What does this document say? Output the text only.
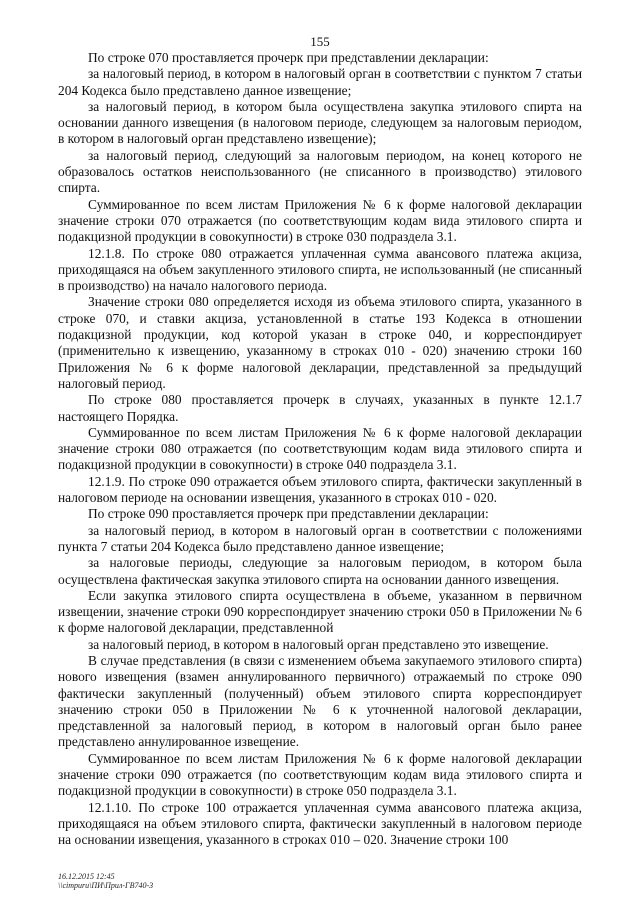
155

По строке 070 проставляется прочерк при представлении декларации:

за налоговый период, в котором в налоговый орган в соответствии с пунктом 7 статьи 204 Кодекса было представлено данное извещение;

за налоговый период, в котором была осуществлена закупка этилового спирта на основании данного извещения (в налоговом периоде, следующем за налоговым периодом, в котором в налоговый орган представлено извещение);

за налоговый период, следующий за налоговым периодом, на конец которого не образовалось остатков неиспользованного (не списанного в производство) этилового спирта.

Суммированное по всем листам Приложения № 6 к форме налоговой декларации значение строки 070 отражается (по соответствующим кодам вида этилового спирта и подакцизной продукции в совокупности) в строке 030 подраздела 3.1.

12.1.8. По строке 080 отражается уплаченная сумма авансового платежа акциза, приходящаяся на объем закупленного этилового спирта, не использованный (не списанный в производство) на начало налогового периода.

Значение строки 080 определяется исходя из объема этилового спирта, указанного в строке 070, и ставки акциза, установленной в статье 193 Кодекса в отношении подакцизной продукции, код которой указан в строке 040, и корреспондирует (применительно к извещению, указанному в строках 010 - 020) значению строки 160 Приложения № 6 к форме налоговой декларации, представленной за предыдущий налоговый период.

По строке 080 проставляется прочерк в случаях, указанных в пункте 12.1.7 настоящего Порядка.

Суммированное по всем листам Приложения № 6 к форме налоговой декларации значение строки 080 отражается (по соответствующим кодам вида этилового спирта и подакцизной продукции в совокупности) в строке 040 подраздела 3.1.

12.1.9. По строке 090 отражается объем этилового спирта, фактически закупленный в налоговом периоде на основании извещения, указанного в строках 010 - 020.

По строке 090 проставляется прочерк при представлении декларации:

за налоговый период, в котором в налоговый орган в соответствии с положениями пункта 7 статьи 204 Кодекса было представлено данное извещение;

за налоговые периоды, следующие за налоговым периодом, в котором была осуществлена фактическая закупка этилового спирта на основании данного извещения.

Если закупка этилового спирта осуществлена в объеме, указанном в первичном извещении, значение строки 090 корреспондирует значению строки 050 в Приложении № 6 к форме налоговой декларации, представленной

за налоговый период, в котором в налоговый орган представлено это извещение.

В случае представления (в связи с изменением объема закупаемого этилового спирта) нового извещения (взамен аннулированного первичного) отражаемый по строке 090 фактически закупленный (полученный) объем этилового спирта корреспондирует значению строки 050 в Приложении № 6 к уточненной налоговой декларации, представленной за налоговый период, в котором в налоговый орган было ранее представлено аннулированное извещение.

Суммированное по всем листам Приложения № 6 к форме налоговой декларации значение строки 090 отражается (по соответствующим кодам вида этилового спирта и подакцизной продукции в совокупности) в строке 050 подраздела 3.1.

12.1.10. По строке 100 отражается уплаченная сумма авансового платежа акциза, приходящаяся на объем этилового спирта, фактически закупленный в налоговом периоде на основании извещения, указанного в строках 010 – 020. Значение строки 100

16.12.2015 12:45
\\cimpuru\ПИ\Прил-ГВ740-3
